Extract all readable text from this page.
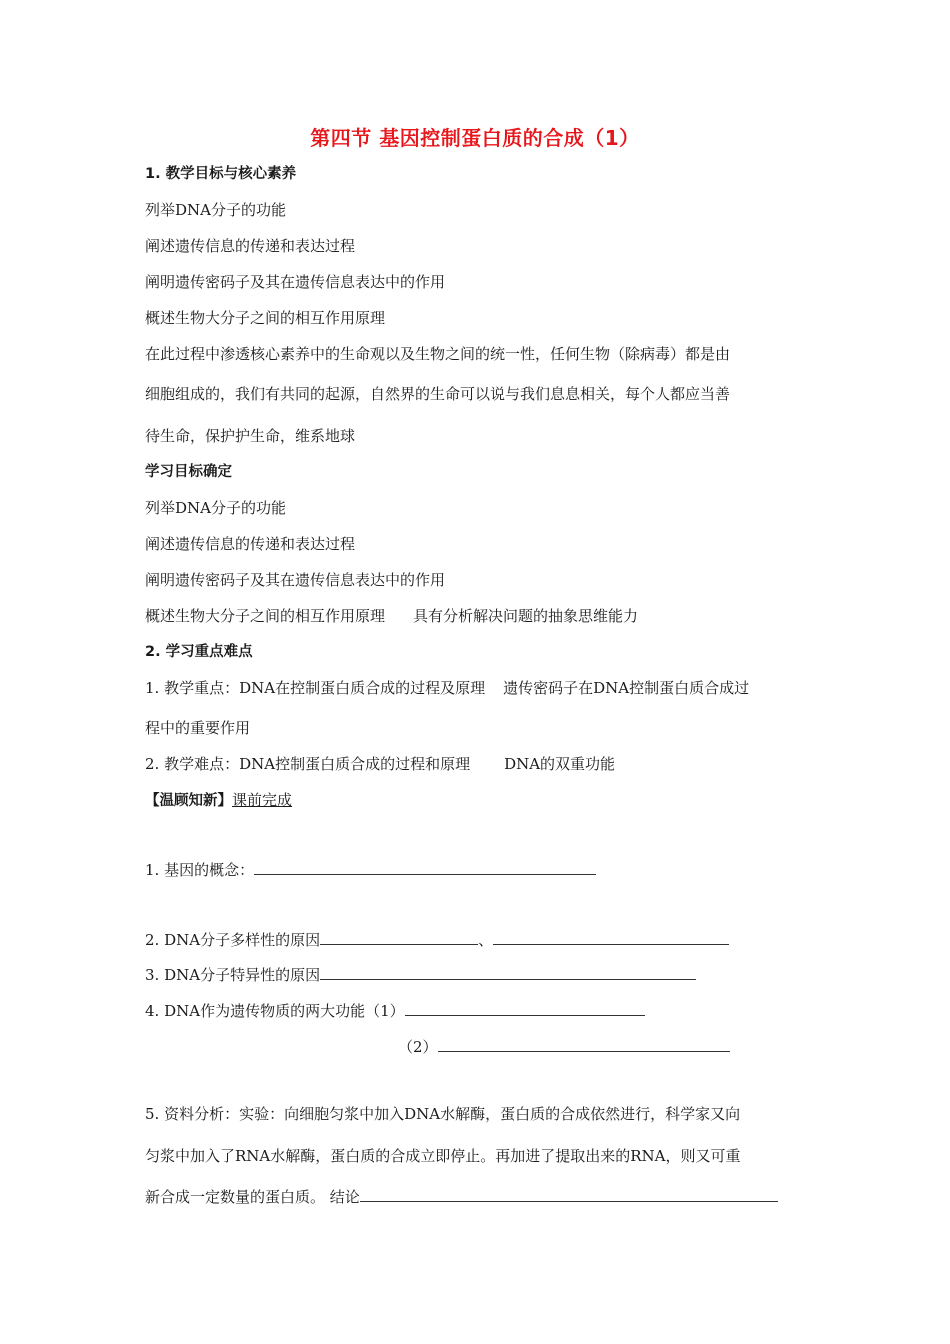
第四节 基因控制蛋白质的合成（1）
1. 教学目标与核心素养
列举DNA分子的功能
阐述遗传信息的传递和表达过程
阐明遗传密码子及其在遗传信息表达中的作用
概述生物大分子之间的相互作用原理
在此过程中渗透核心素养中的生命观以及生物之间的统一性，任何生物（除病毒）都是由
细胞组成的，我们有共同的起源，自然界的生命可以说与我们息息相关，每个人都应当善
待生命，保护护生命，维系地球
学习目标确定
列举DNA分子的功能
阐述遗传信息的传递和表达过程
阐明遗传密码子及其在遗传信息表达中的作用
概述生物大分子之间的相互作用原理 具有分析解决问题的抽象思维能力
2. 学习重点难点
1. 教学重点：DNA在控制蛋白质合成的过程及原理 遗传密码子在DNA控制蛋白质合成过
程中的重要作用
2. 教学难点：DNA控制蛋白质合成的过程和原理 DNA的双重功能
【温顾知新】课前完成
1. 基因的概念：
2. DNA分子多样性的原因	、
3. DNA分子特异性的原因
4. DNA作为遗传物质的两大功能（1）
（2）
5. 资料分析：实验：向细胞匀浆中加入DNA水解酶，蛋白质的合成依然进行，科学家又向
匀浆中加入了RNA水解酶，蛋白质的合成立即停止。再加进了提取出来的RNA，则又可重
新合成一定数量的蛋白质。 结论
